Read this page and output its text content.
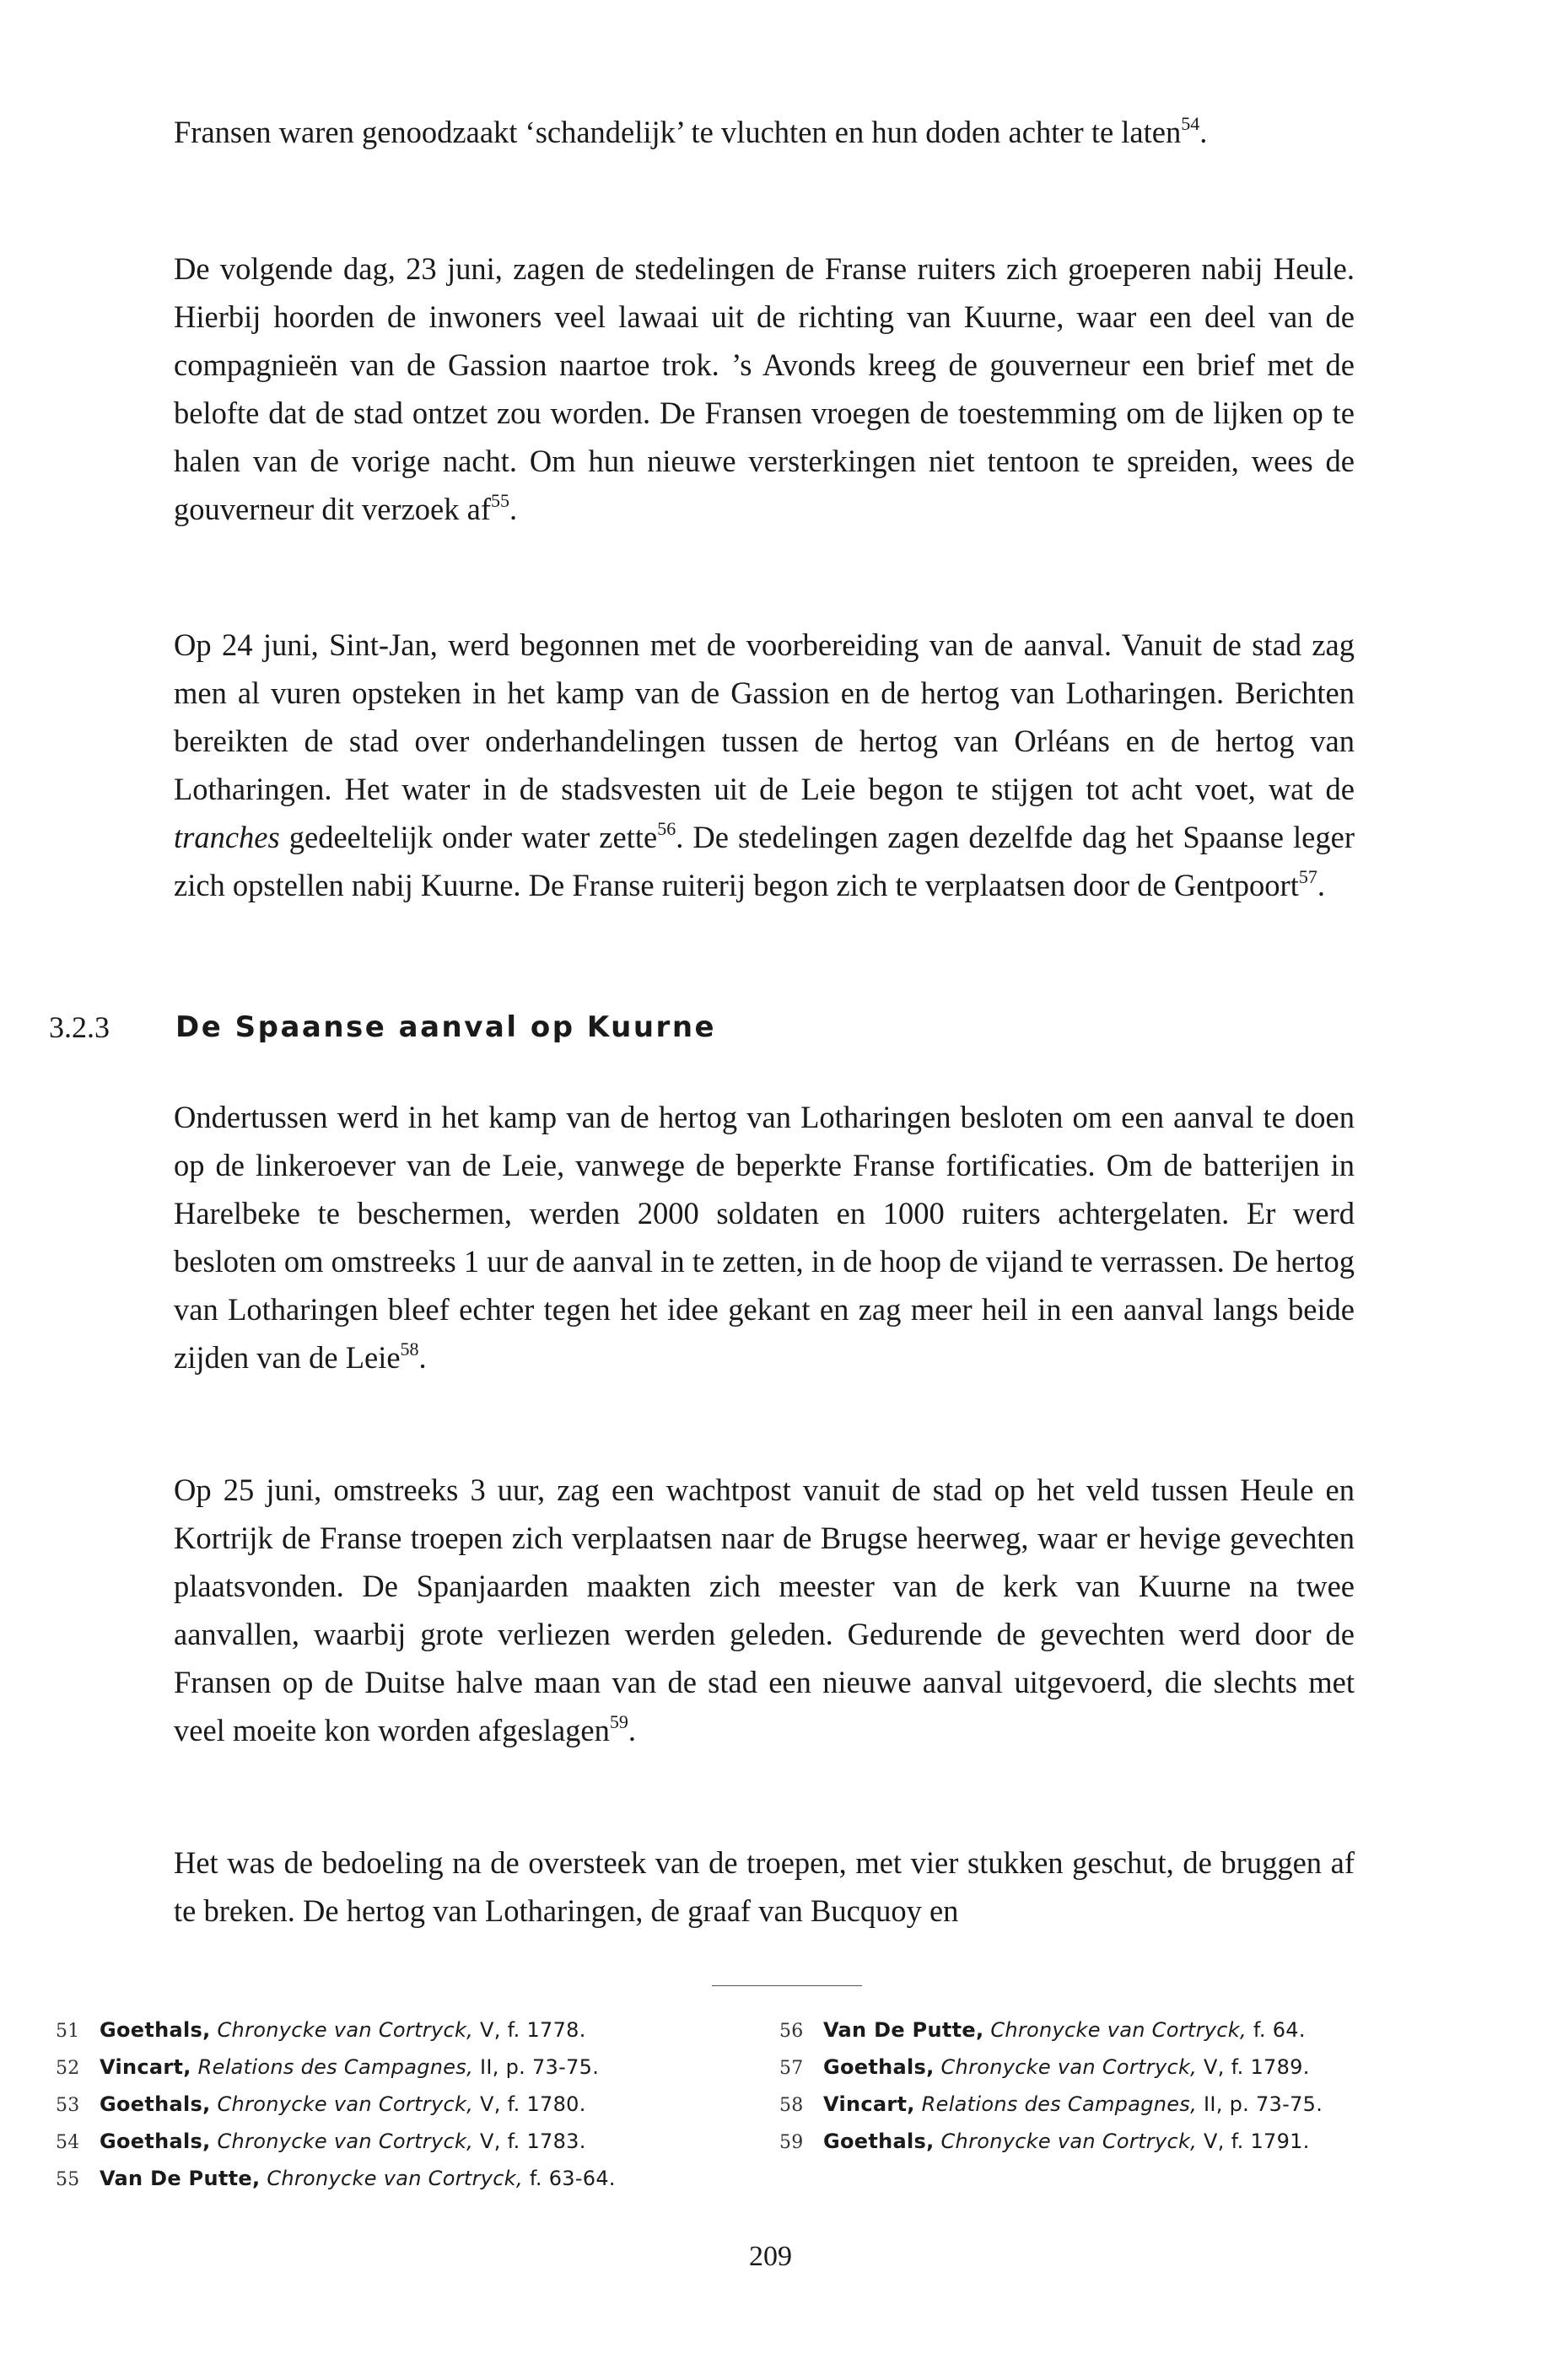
Fransen waren genoodzaakt ‘schandelijk’ te vluchten en hun doden achter te laten$^{54}$.

De volgende dag, 23 juni, zagen de stedelingen de Franse ruiters zich groeperen nabij Heule. Hierbij hoorden de inwoners veel lawaai uit de richting van Kuurne, waar een deel van de compagnieën van de Gassion naartoe trok. ’s Avonds kreeg de gouverneur een brief met de belofte dat de stad ontzet zou worden. De Fransen vroegen de toestemming om de lijken op te halen van de vorige nacht. Om hun nieuwe versterkingen niet tentoon te spreiden, wees de gouverneur dit verzoek $af^{55}$.

Op 24 juni, Sint-Jan, werd begonnen met de voorbereiding van de aanval. Vanuit de stad zag men al vuren opsteken in het kamp van de Gassion en de hertog van Lotharingen. Berichten bereikten de stad over onderhandelingen tussen de hertog van Orléans en de hertog van Lotharingen. Het water in de stadsvesten uit de Leie begon te stijgen tot acht voet, wat de tranches gedeeltelijk onder water zette$^{56}$. De stedelingen zagen dezelfde dag het Spaanse leger zich opstellen nabij Kuurne. De Franse ruiterij begon zich te verplaatsen door de Gentpoort$^{57}$.

3.2.3 De Spaanse aanval op Kuurne

Ondertussen werd in het kamp van de hertog van Lotharingen besloten om een aanval te doen op de linkeroever van de Leie, vanwege de beperkte Franse fortificaties. Om de batterijen in Harelbeke te beschermen, werden 2000 soldaten en 1000 ruiters achtergelaten. Er werd besloten om omstreeks 1 uur de aanval in te zetten, in de hoop de vijand te verrassen. De hertog van Lotharingen bleef echter tegen het idee gekant en zag meer heil in een aanval langs beide zijden van de Leie$^{58}$.

Op 25 juni, omstreeks 3 uur, zag een wachtpost vanuit de stad op het veld tussen Heule en Kortrijk de Franse troepen zich verplaatsen naar de Brugse heerweg, waar er hevige gevechten plaatsvonden. De Spanjaarden maakten zich meester van de kerk van Kuurne na twee aanvallen, waarbij grote verliezen werden geleden. Gedurende de gevechten werd door de Fransen op de Duitse halve maan van de stad een nieuwe aanval uitgevoerd, die slechts met veel moeite kon worden afgeslagen$^{59}$.

Het was de bedoeling na de oversteek van de troepen, met vier stukken geschut, de bruggen af te breken. De hertog van Lotharingen, de graaf van Bucquoy en

51 Goethals, Chronycke van Cortryck, V, f. 1778.
52 Vincart, Relations des Campagnes, II, p. 73-75.
53 Goethals, Chronycke van Cortryck, V, f. 1780.
54 Goethals, Chronycke van Cortryck, V, f. 1783.
55 Van De Putte, Chronycke van Cortryck, f. 63-64.
56 Van De Putte, Chronycke van Cortryck, f. 64.
57 Goethals, Chronycke van Cortryck, V, f. 1789.
58 Vincart, Relations des Campagnes, II, p. 73-75.
59 Goethals, Chronycke van Cortryck, V, f. 1791.
209
